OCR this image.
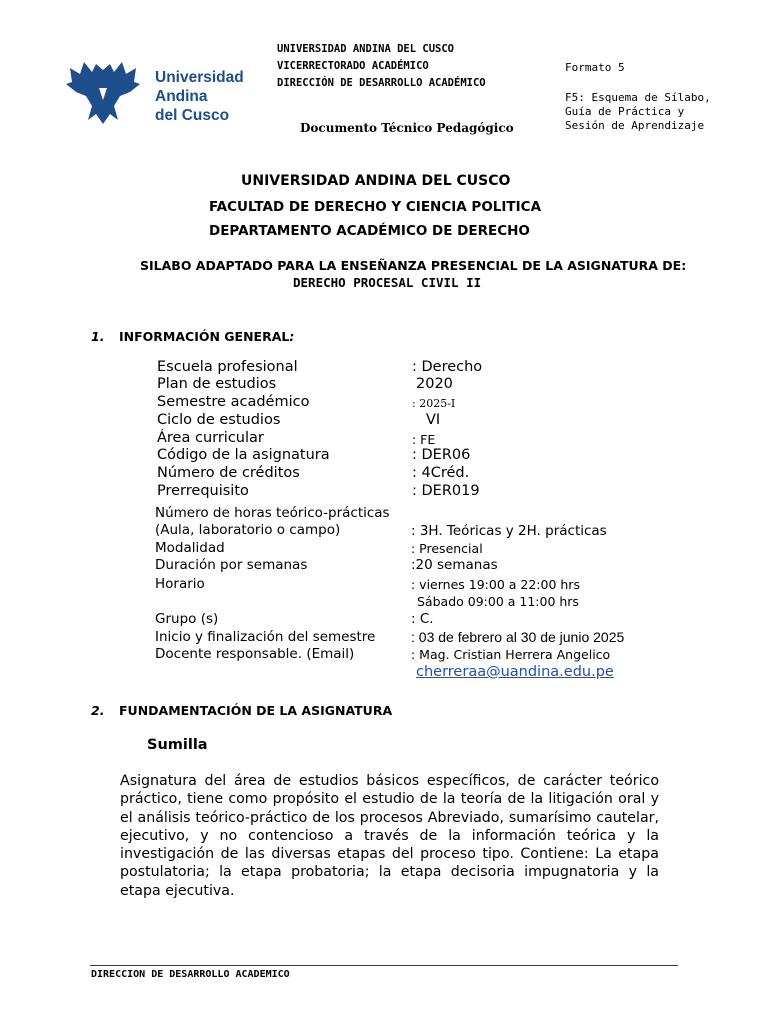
Universidad
Andina
del Cusco
UNIVERSIDAD ANDINA DEL CUSCO
VICERRECTORADO ACADÉMICO
DIRECCIÓN DE DESARROLLO ACADÉMICO
Documento Técnico Pedagógico
Formato 5
F5: Esquema de Sílabo,
Guía de Práctica y
Sesión de Aprendizaje
UNIVERSIDAD ANDINA DEL CUSCO
FACULTAD DE DERECHO Y CIENCIA POLITICA
DEPARTAMENTO ACADÉMICO DE DERECHO
SILABO ADAPTADO PARA LA ENSEÑANZA PRESENCIAL DE LA ASIGNATURA DE:
DERECHO PROCESAL CIVIL II
1. INFORMACIÓN GENERAL:
Escuela profesional	: Derecho
Plan de estudios	2020
Semestre académico	: 2025-I
Ciclo de estudios	VI
Área curricular	: FE
Código de la asignatura	: DER06
Número de créditos	: 4Créd.
Prerrequisito	: DER019
Número de horas teórico-prácticas
(Aula, laboratorio o campo)	: 3H. Teóricas y 2H. prácticas
Modalidad	: Presencial
Duración por semanas	:20 semanas
Horario	: viernes 19:00 a 22:00 hrs
Sábado 09:00 a 11:00 hrs
Grupo (s)	: C.
Inicio y finalización del semestre	: 03 de febrero al 30 de junio 2025
Docente responsable. (Email)	: Mag. Cristian Herrera Angelico
cherreraa@uandina.edu.pe
2. FUNDAMENTACIÓN DE LA ASIGNATURA
Sumilla
Asignatura del área de estudios básicos específicos, de carácter teórico práctico, tiene como propósito el estudio de la teoría de la litigación oral y el análisis teórico-práctico de los procesos Abreviado, sumarísimo cautelar, ejecutivo, y no contencioso a través de la información teórica y la investigación de las diversas etapas del proceso tipo. Contiene: La etapa postulatoria; la etapa probatoria; la etapa decisoria impugnatoria y la etapa ejecutiva.
DIRECCION DE DESARROLLO ACADEMICO
